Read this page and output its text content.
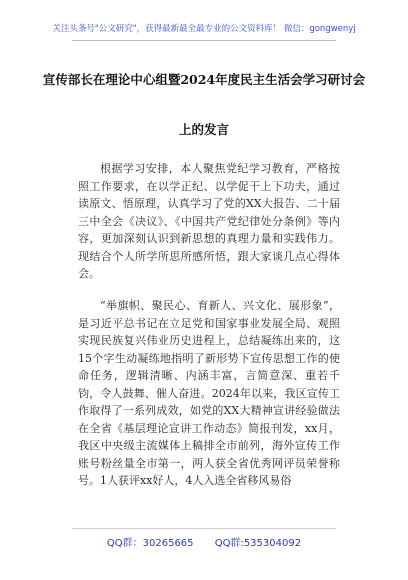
关注头条号"公文研究"，获得最新最全最专业的公文资料库！ 微信：gongwenyj
宣传部长在理论中心组暨2024年度民主生活会学习研讨会
上的发言

根据学习安排，本人聚焦党纪学习教育，严格按照工作要求，在以学正纪、以学促干上下功夫，通过读原文、悟原理，认真学习了党的XX大报告、二十届三中全会《决议》、《中国共产党纪律处分条例》等内容，更加深刻认识到新思想的真理力量和实践伟力。现结合个人所学所思所感所悟，跟大家谈几点心得体会。

“举旗帜、聚民心、育新人、兴文化、展形象”，是习近平总书记在立足党和国家事业发展全局、观照实现民族复兴伟业历史进程上，总结凝练出来的，这15个字生动凝练地指明了新形势下宣传思想工作的使命任务，逻辑清晰、内涵丰富，言简意深、重若千钧，令人鼓舞、催人奋进。2024年以来，我区宣传工作取得了一系列成效，如党的XX大精神宣讲经验做法在全省《基层理论宣讲工作动态》简报刊发，xx月，我区中央级主流媒体上稿排全市前列，海外宣传工作账号粉丝量全市第一，两人获全省优秀网评员荣誉称号。1人获评xx好人，4人入选全省移风易俗

QQ群：30265665 QQ群:535304092
